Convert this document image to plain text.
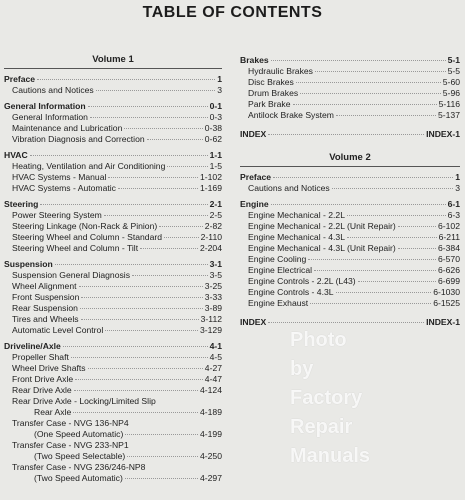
TABLE OF CONTENTS
Volume 1
Preface	1
Cautions and Notices	3
General Information	0-1
General Information	0-3
Maintenance and Lubrication	0-38
Vibration Diagnosis and Correction	0-62
HVAC	1-1
Heating, Ventilation and Air Conditioning	1-5
HVAC Systems - Manual	1-102
HVAC Systems - Automatic	1-169
Steering	2-1
Power Steering System	2-5
Steering Linkage (Non-Rack & Pinion)	2-82
Steering Wheel and Column - Standard	2-110
Steering Wheel and Column - Tilt	2-204
Suspension	3-1
Suspension General Diagnosis	3-5
Wheel Alignment	3-25
Front Suspension	3-33
Rear Suspension	3-89
Tires and Wheels	3-112
Automatic Level Control	3-129
Driveline/Axle	4-1
Propeller Shaft	4-5
Wheel Drive Shafts	4-27
Front Drive Axle	4-47
Rear Drive Axle	4-124
Rear Drive Axle - Locking/Limited Slip
Rear Axle	4-189
Transfer Case - NVG 136-NP4
(One Speed Automatic)	4-199
Transfer Case - NVG 233-NP1
(Two Speed Selectable)	4-250
Transfer Case - NVG 236/246-NP8
(Two Speed Automatic)	4-297
Brakes	5-1
Hydraulic Brakes	5-5
Disc Brakes	5-60
Drum Brakes	5-96
Park Brake	5-116
Antilock Brake System	5-137
INDEX	INDEX-1
Volume 2
Preface	1
Cautions and Notices	3
Engine	6-1
Engine Mechanical - 2.2L	6-3
Engine Mechanical - 2.2L (Unit Repair)	6-102
Engine Mechanical - 4.3L	6-211
Engine Mechanical - 4.3L (Unit Repair)	6-384
Engine Cooling	6-570
Engine Electrical	6-626
Engine Controls - 2.2L (L43)	6-699
Engine Controls - 4.3L	6-1030
Engine Exhaust	6-1525
INDEX	INDEX-1
Photo
by
Factory
Repair
Manuals
